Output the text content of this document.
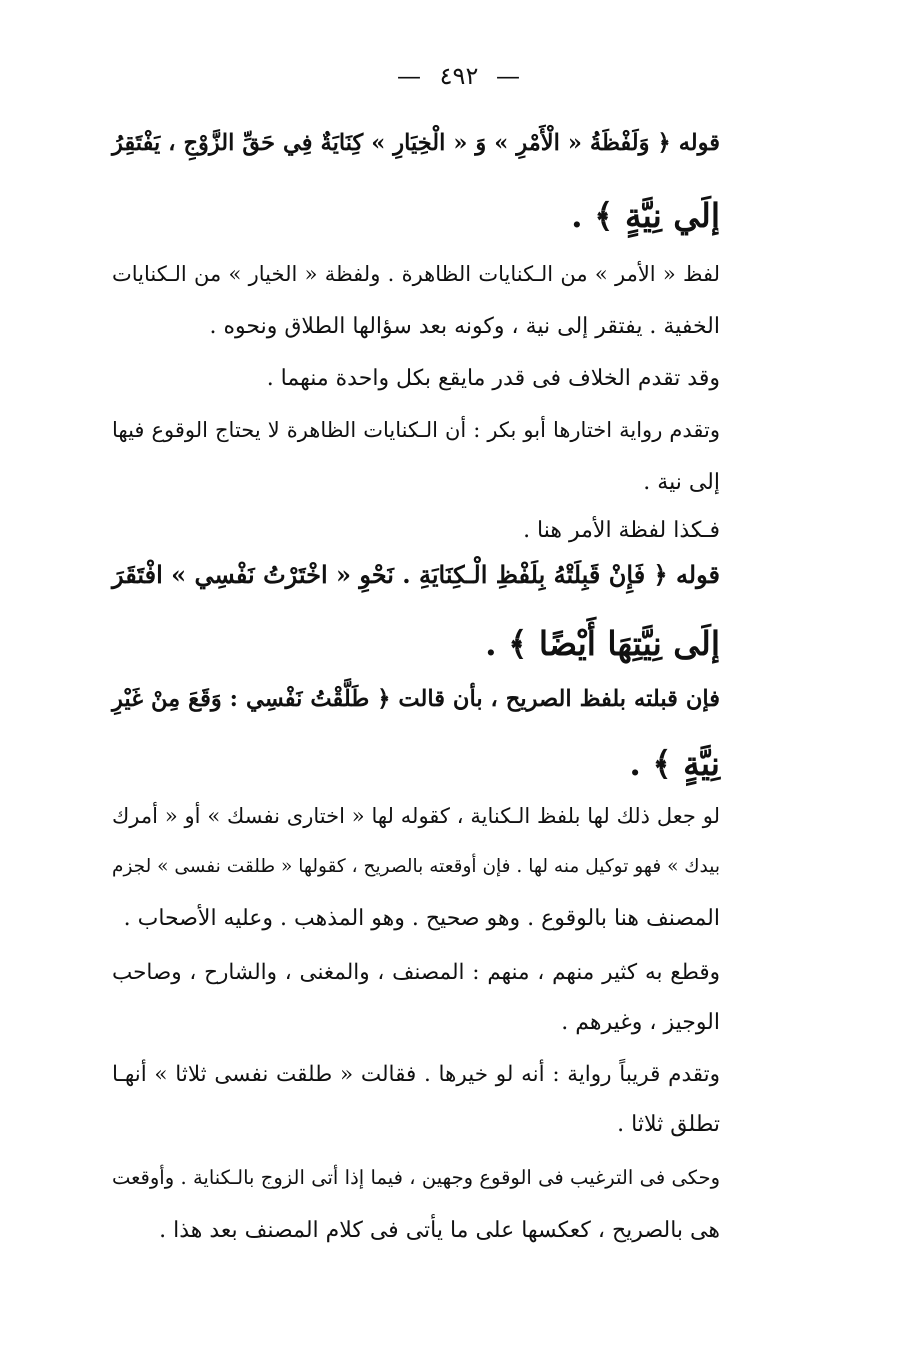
— ٤٩٢ —
قوله ﴿ وَلَفْظَةُ « الْأَمْرِ » وَ « الْخِيَارِ » كِنَايَةٌ فِي حَقِّ الزَّوْجِ ، يَفْتَقِرُ
إلَي نِيَّةٍ ﴾ .
لفظ « الأمر » من الـكنايات الظاهرة . ولفظة « الخيار » من الـكنايات
الخفية . يفتقر إلى نية ، وكونه بعد سؤالها الطلاق ونحوه .
وقد تقدم الخلاف فى قدر مايقع بكل واحدة منهما .
وتقدم رواية اختارها أبو بكر : أن الـكنايات الظاهرة لا يحتاج الوقوع فيها
إلى نية .
فـكذا لفظة الأمر هنا .
قوله ﴿ فَإِنْ قَبِلَتْهُ بِلَفْظِ الْـكِنَايَةِ . نَحْوِ « اخْتَرْتُ نَفْسِي » افْتَقَرَ
إلَى نِيَّتِهَا أَيْضًا ﴾ .
فإن قبلته بلفظ الصريح ، بأن قالت ﴿ طَلَّقْتُ نَفْسِي : وَقَعَ مِنْ غَيْرِ
نِيَّةٍ ﴾ .
لو جعل ذلك لها بلفظ الـكناية ، كقوله لها « اختارى نفسك » أو « أمرك
بيدك » فهو توكيل منه لها . فإن أوقعته بالصريح ، كقولها « طلقت نفسى » لجزم
المصنف هنا بالوقوع . وهو صحيح . وهو المذهب . وعليه الأصحاب .
وقطع به كثير منهم ، منهم : المصنف ، والمغنى ، والشارح ، وصاحب
الوجيز ، وغيرهم .
وتقدم قريباً رواية : أنه لو خيرها . فقالت « طلقت نفسى ثلاثا » أنهـا
تطلق ثلاثا .
وحكى فى الترغيب فى الوقوع وجهين ، فيما إذا أتى الزوج بالـكناية . وأوقعت
هى بالصريح ، كعكسها على ما يأتى فى كلام المصنف بعد هذا .
